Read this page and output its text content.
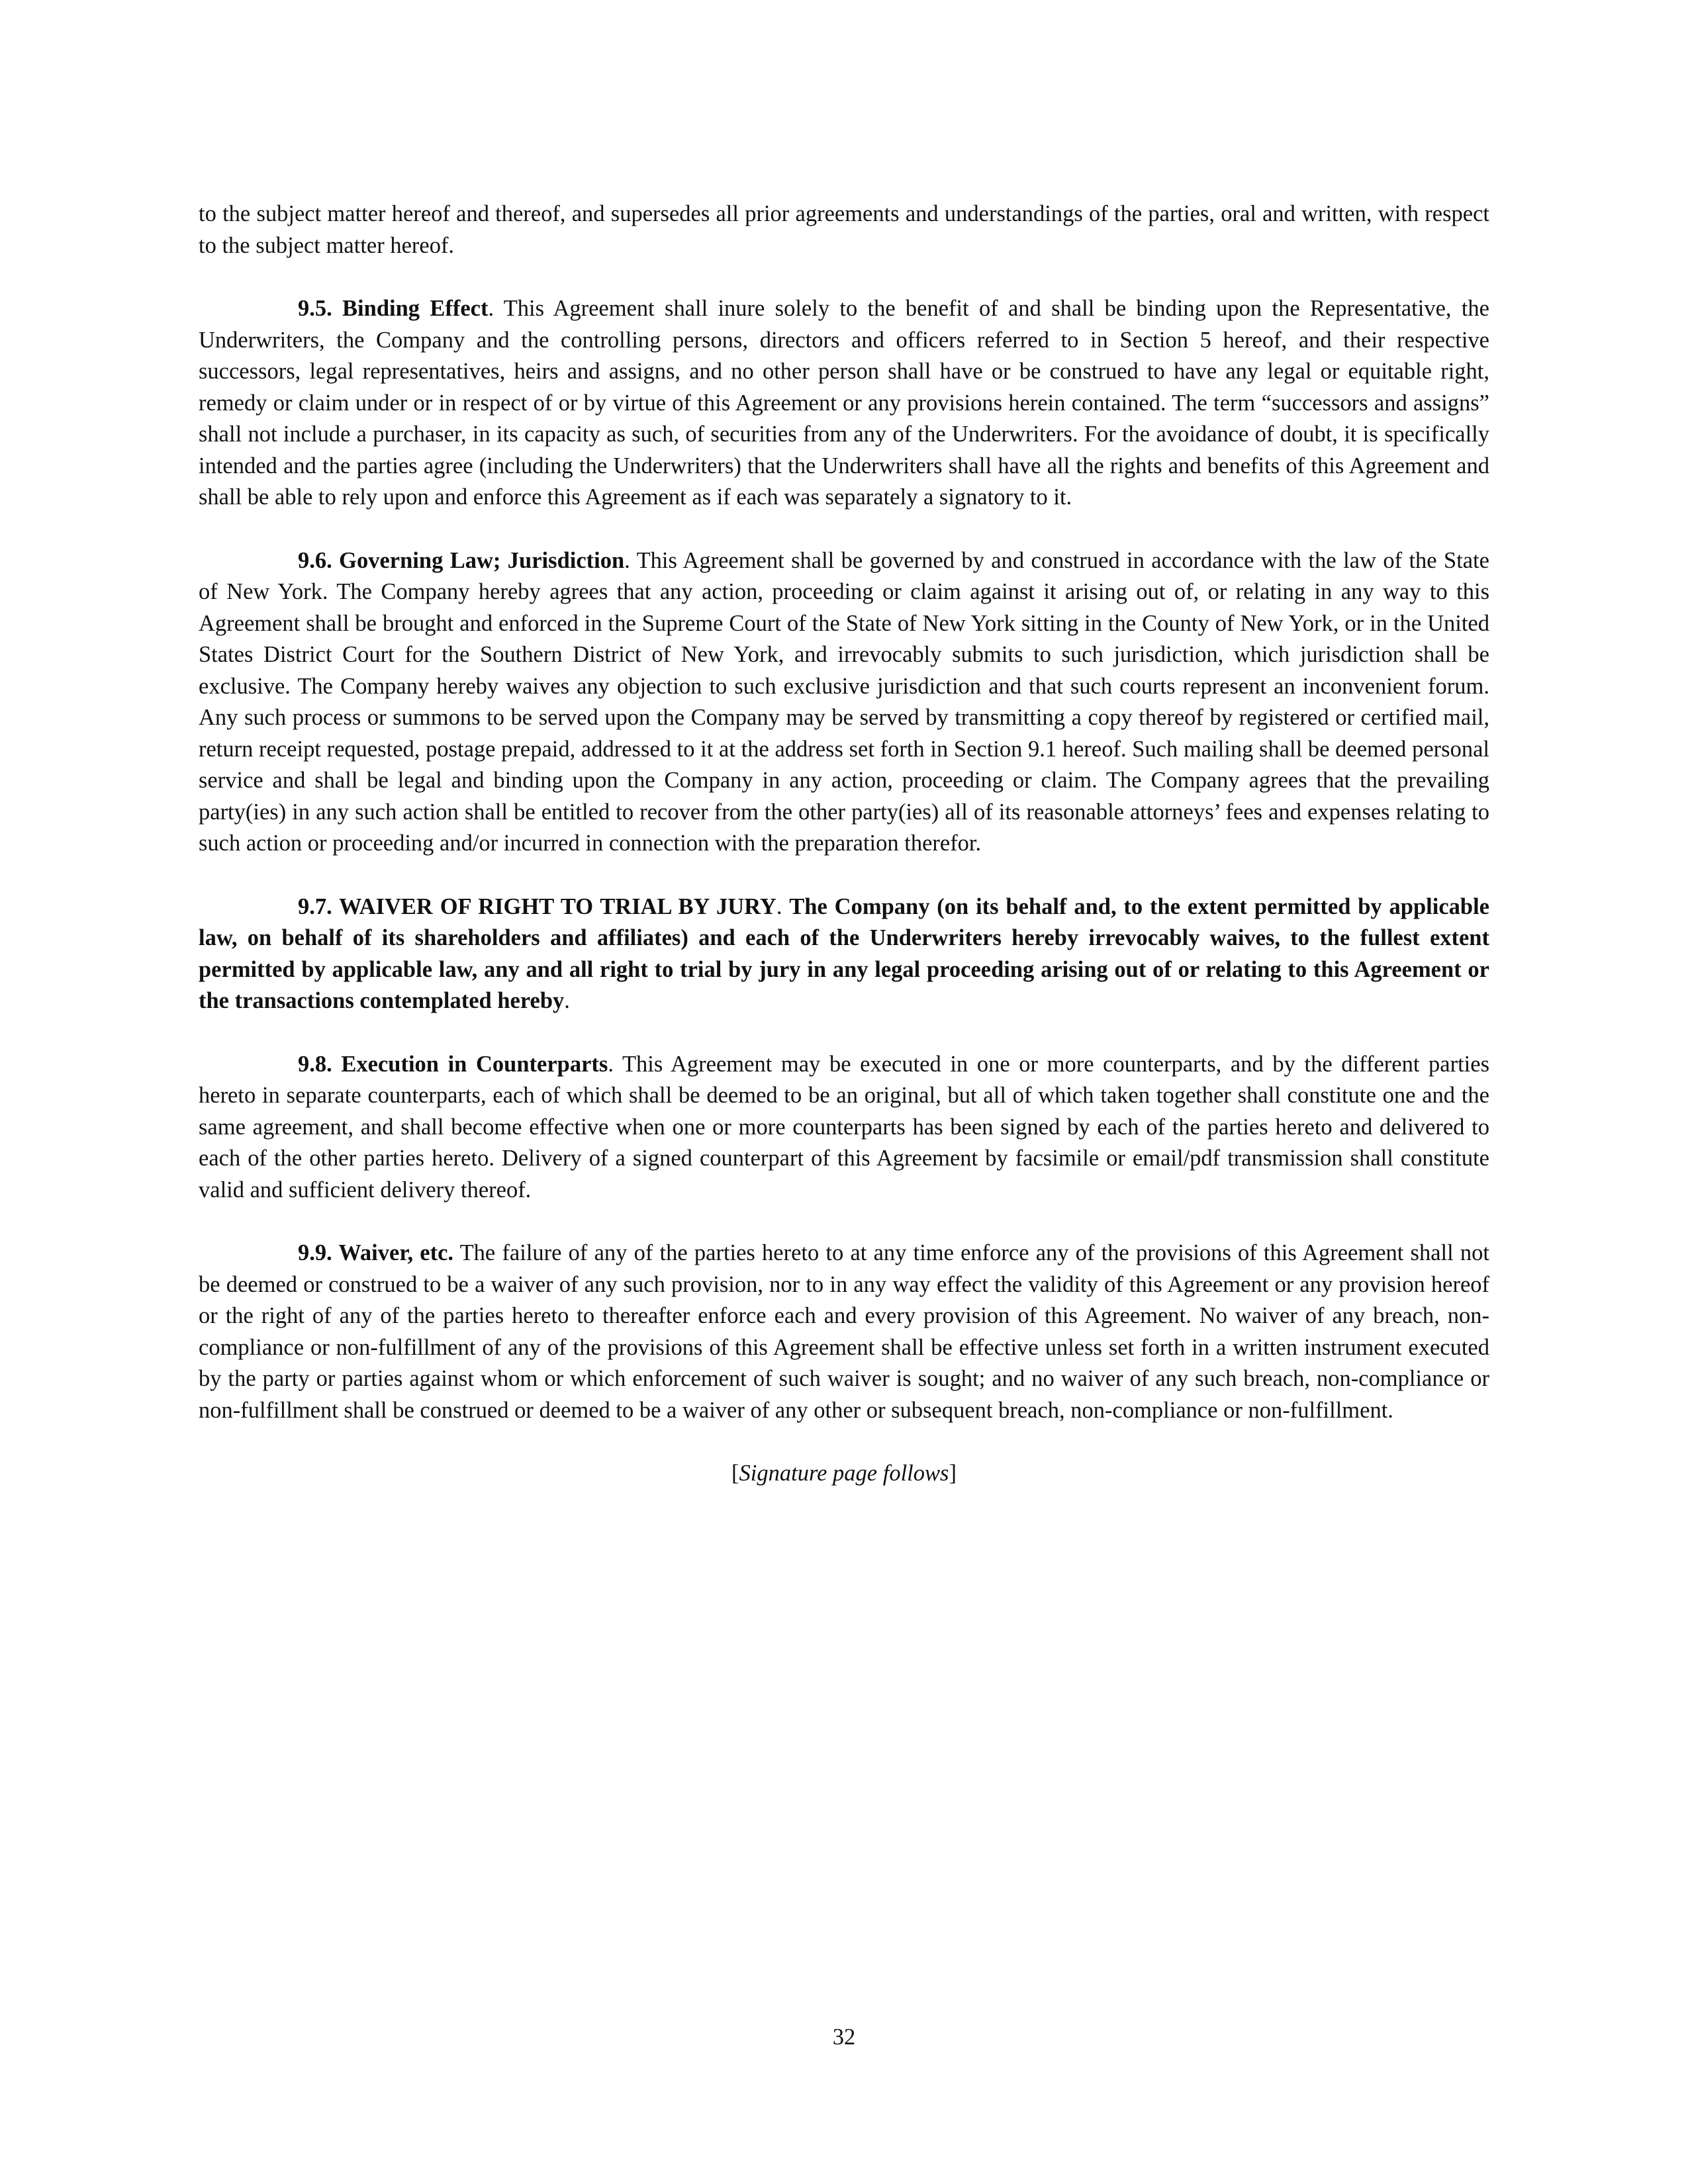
to the subject matter hereof and thereof, and supersedes all prior agreements and understandings of the parties, oral and written, with respect to the subject matter hereof.

9.5. Binding Effect. This Agreement shall inure solely to the benefit of and shall be binding upon the Representative, the Underwriters, the Company and the controlling persons, directors and officers referred to in Section 5 hereof, and their respective successors, legal representatives, heirs and assigns, and no other person shall have or be construed to have any legal or equitable right, remedy or claim under or in respect of or by virtue of this Agreement or any provisions herein contained. The term “successors and assigns” shall not include a purchaser, in its capacity as such, of securities from any of the Underwriters. For the avoidance of doubt, it is specifically intended and the parties agree (including the Underwriters) that the Underwriters shall have all the rights and benefits of this Agreement and shall be able to rely upon and enforce this Agreement as if each was separately a signatory to it.

9.6. Governing Law; Jurisdiction. This Agreement shall be governed by and construed in accordance with the law of the State of New York. The Company hereby agrees that any action, proceeding or claim against it arising out of, or relating in any way to this Agreement shall be brought and enforced in the Supreme Court of the State of New York sitting in the County of New York, or in the United States District Court for the Southern District of New York, and irrevocably submits to such jurisdiction, which jurisdiction shall be exclusive. The Company hereby waives any objection to such exclusive jurisdiction and that such courts represent an inconvenient forum. Any such process or summons to be served upon the Company may be served by transmitting a copy thereof by registered or certified mail, return receipt requested, postage prepaid, addressed to it at the address set forth in Section 9.1 hereof. Such mailing shall be deemed personal service and shall be legal and binding upon the Company in any action, proceeding or claim. The Company agrees that the prevailing party(ies) in any such action shall be entitled to recover from the other party(ies) all of its reasonable attorneys’ fees and expenses relating to such action or proceeding and/or incurred in connection with the preparation therefor.

9.7. WAIVER OF RIGHT TO TRIAL BY JURY. The Company (on its behalf and, to the extent permitted by applicable law, on behalf of its shareholders and affiliates) and each of the Underwriters hereby irrevocably waives, to the fullest extent permitted by applicable law, any and all right to trial by jury in any legal proceeding arising out of or relating to this Agreement or the transactions contemplated hereby.

9.8. Execution in Counterparts. This Agreement may be executed in one or more counterparts, and by the different parties hereto in separate counterparts, each of which shall be deemed to be an original, but all of which taken together shall constitute one and the same agreement, and shall become effective when one or more counterparts has been signed by each of the parties hereto and delivered to each of the other parties hereto. Delivery of a signed counterpart of this Agreement by facsimile or email/pdf transmission shall constitute valid and sufficient delivery thereof.

9.9. Waiver, etc. The failure of any of the parties hereto to at any time enforce any of the provisions of this Agreement shall not be deemed or construed to be a waiver of any such provision, nor to in any way effect the validity of this Agreement or any provision hereof or the right of any of the parties hereto to thereafter enforce each and every provision of this Agreement. No waiver of any breach, non-compliance or non-fulfillment of any of the provisions of this Agreement shall be effective unless set forth in a written instrument executed by the party or parties against whom or which enforcement of such waiver is sought; and no waiver of any such breach, non-compliance or non-fulfillment shall be construed or deemed to be a waiver of any other or subsequent breach, non-compliance or non-fulfillment.

[Signature page follows]

32
